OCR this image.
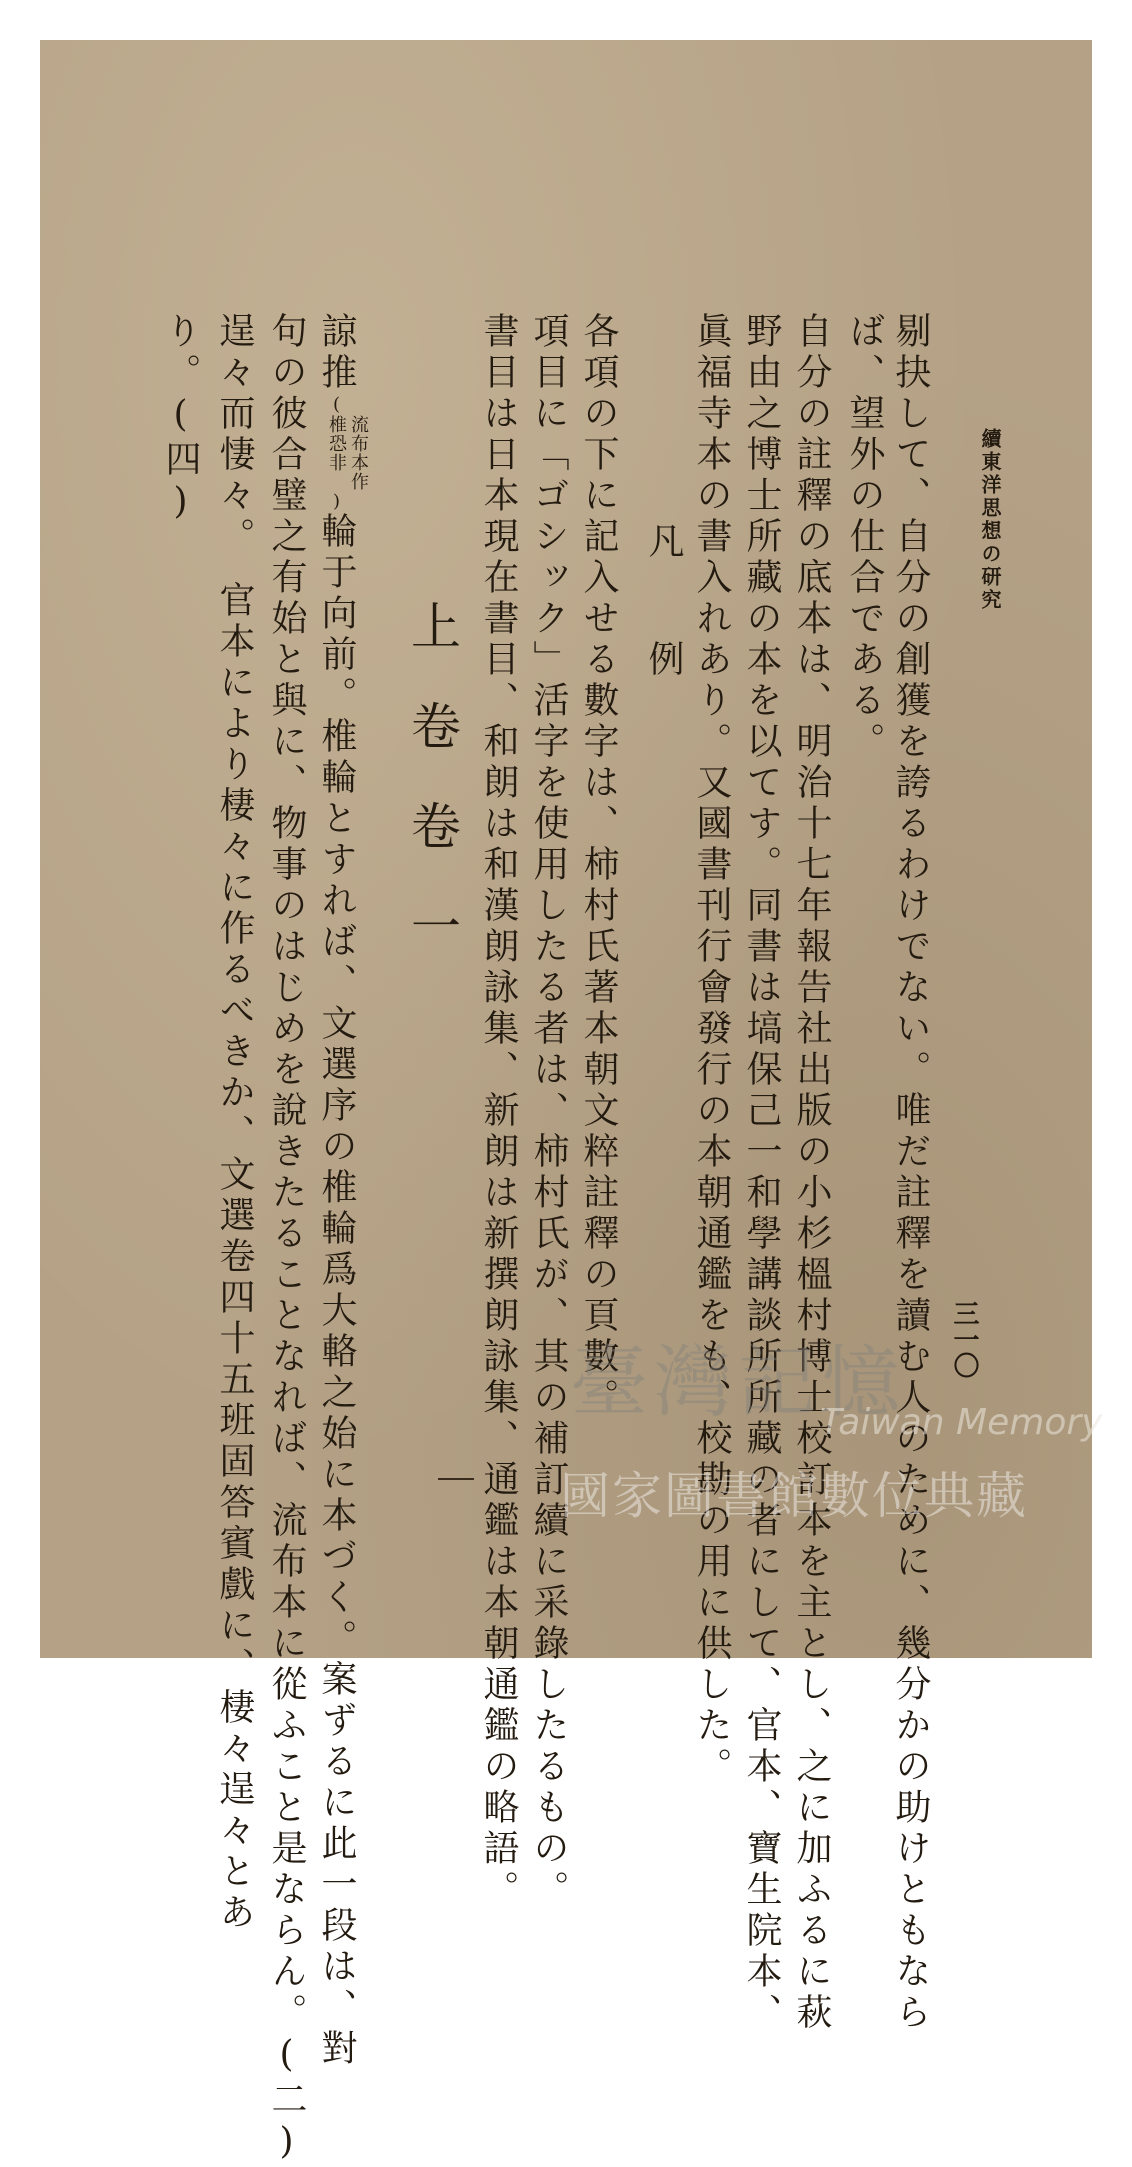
三一〇
續東洋思想の研究

剔抉して、自分の創獲を誇るわけでない。唯だ註釋を讀む人のために、幾分かの助けともなら

ば、望外の仕合である。

自分の註釋の底本は、明治十七年報告社出版の小杉榲村博士校訂本を主とし、之に加ふるに萩

野由之博士所藏の本を以てす。同書は塙保己一和學講談所所藏の者にして、官本、寶生院本、

眞福寺本の書入れあり。又國書刊行會發行の本朝通鑑をも、校勘の用に供した。

凡
例

各項の下に記入せる數字は、柿村氏著本朝文粹註釋の頁數。

項目に「ゴシック」活字を使用したる者は、柿村氏が、其の補訂續に采錄したるもの。

書目は日本現在書目、和朗は和漢朗詠集、新朗は新撰朗詠集、通鑑は本朝通鑑の略語。

上卷卷一
諒推(流布本作
椎恐非)輪于向前。椎輪とすれば、文選序の椎輪爲大輅之始に本づく。案ずるに此一段は、對

句の彼合璧之有始と與に、物事のはじめを說きたることなれば、流布本に從ふこと是ならん。(二)

逞々而悽々。　官本により棲々に作るべきか、文選卷四十五班固答賓戲に、棲々逞々とあ

り。(四)

臺灣記憶
Taiwan Memory
國家圖書館數位典藏
